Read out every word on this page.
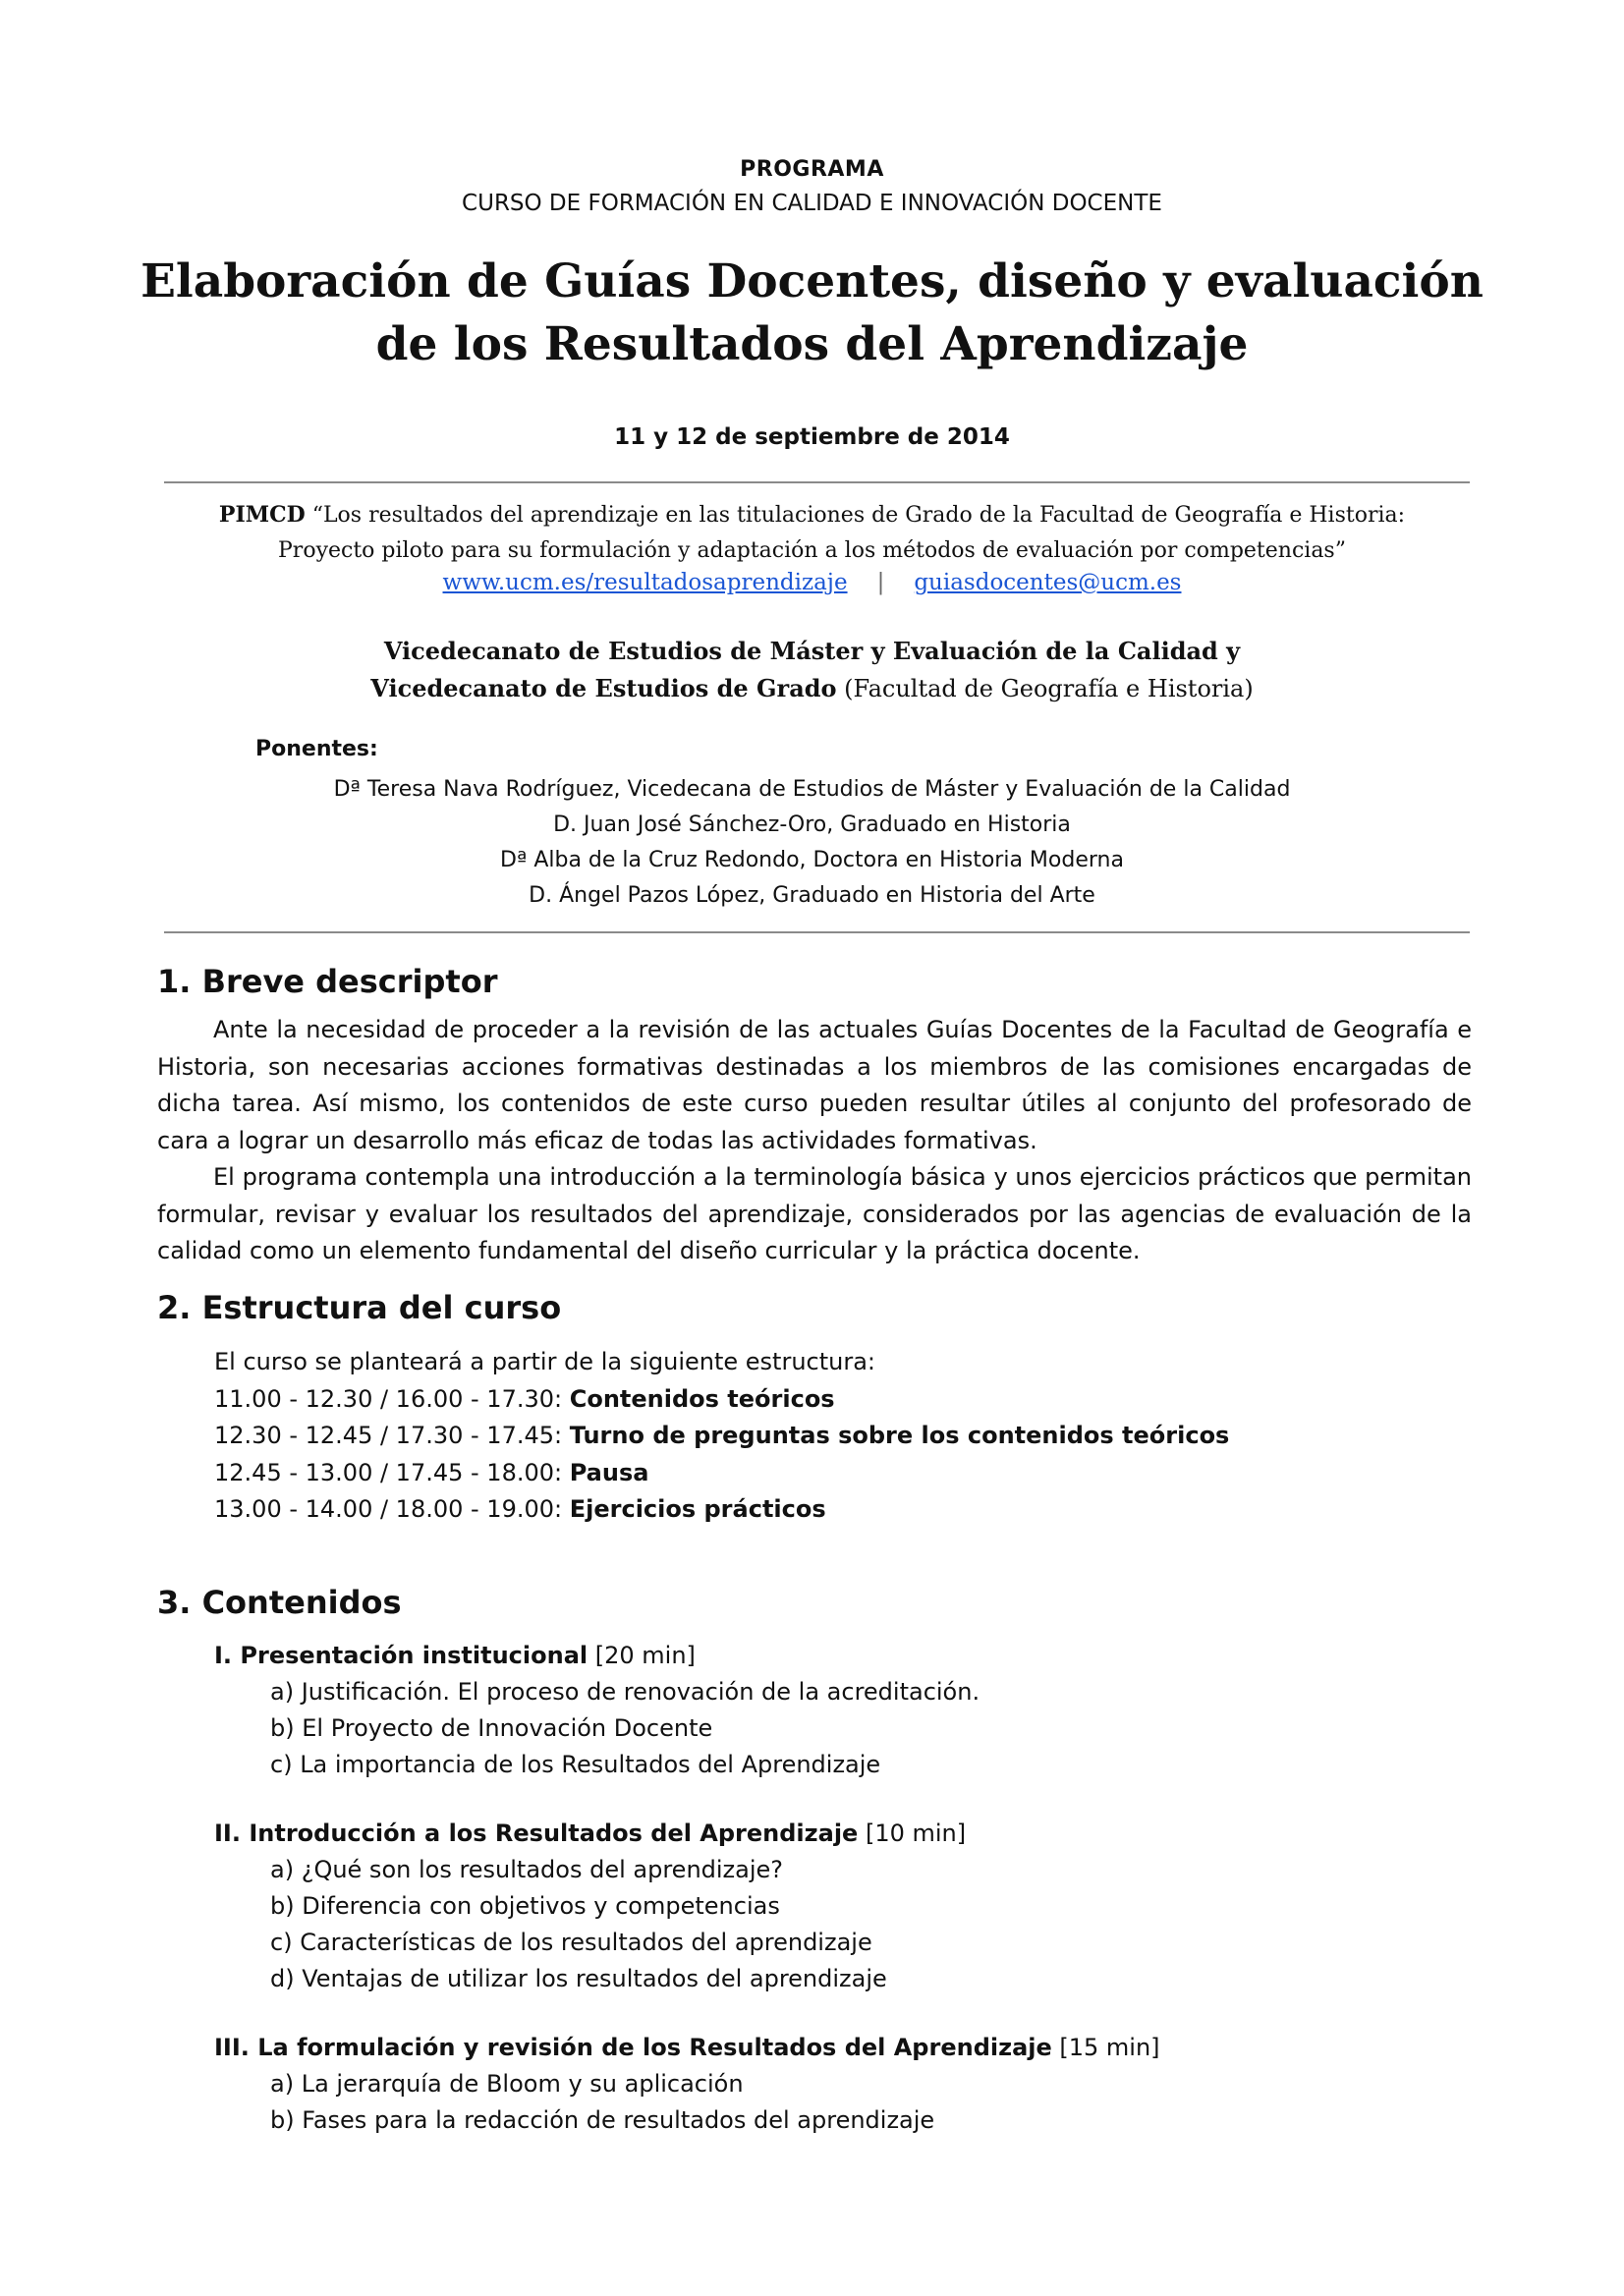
PROGRAMA
CURSO DE FORMACIÓN EN CALIDAD E INNOVACIÓN DOCENTE
Elaboración de Guías Docentes, diseño y evaluación
de los Resultados del Aprendizaje
11 y 12 de septiembre de 2014
PIMCD “Los resultados del aprendizaje en las titulaciones de Grado de la Facultad de Geografía e Historia:
Proyecto piloto para su formulación y adaptación a los métodos de evaluación por competencias”
www.ucm.es/resultadosaprendizaje | guiasdocentes@ucm.es
Vicedecanato de Estudios de Máster y Evaluación de la Calidad y
Vicedecanato de Estudios de Grado (Facultad de Geografía e Historia)
Ponentes:
Dª Teresa Nava Rodríguez, Vicedecana de Estudios de Máster y Evaluación de la Calidad
D. Juan José Sánchez-Oro, Graduado en Historia
Dª Alba de la Cruz Redondo, Doctora en Historia Moderna
D. Ángel Pazos López, Graduado en Historia del Arte
1. Breve descriptor

Ante la necesidad de proceder a la revisión de las actuales Guías Docentes de la Facultad de Geografía e Historia, son necesarias acciones formativas destinadas a los miembros de las comisiones encargadas de dicha tarea. Así mismo, los contenidos de este curso pueden resultar útiles al conjunto del profesorado de cara a lograr un desarrollo más eficaz de todas las actividades formativas.

El programa contempla una introducción a la terminología básica y unos ejercicios prácticos que permitan formular, revisar y evaluar los resultados del aprendizaje, considerados por las agencias de evaluación de la calidad como un elemento fundamental del diseño curricular y la práctica docente.

2. Estructura del curso
El curso se planteará a partir de la siguiente estructura:
11.00 - 12.30 / 16.00 - 17.30: Contenidos teóricos
12.30 - 12.45 / 17.30 - 17.45: Turno de preguntas sobre los contenidos teóricos
12.45 - 13.00 / 17.45 - 18.00: Pausa
13.00 - 14.00 / 18.00 - 19.00: Ejercicios prácticos
3. Contenidos
I. Presentación institucional [20 min]
a) Justificación. El proceso de renovación de la acreditación.
b) El Proyecto de Innovación Docente
c) La importancia de los Resultados del Aprendizaje
II. Introducción a los Resultados del Aprendizaje [10 min]
a) ¿Qué son los resultados del aprendizaje?
b) Diferencia con objetivos y competencias
c) Características de los resultados del aprendizaje
d) Ventajas de utilizar los resultados del aprendizaje
III. La formulación y revisión de los Resultados del Aprendizaje [15 min]
a) La jerarquía de Bloom y su aplicación
b) Fases para la redacción de resultados del aprendizaje
